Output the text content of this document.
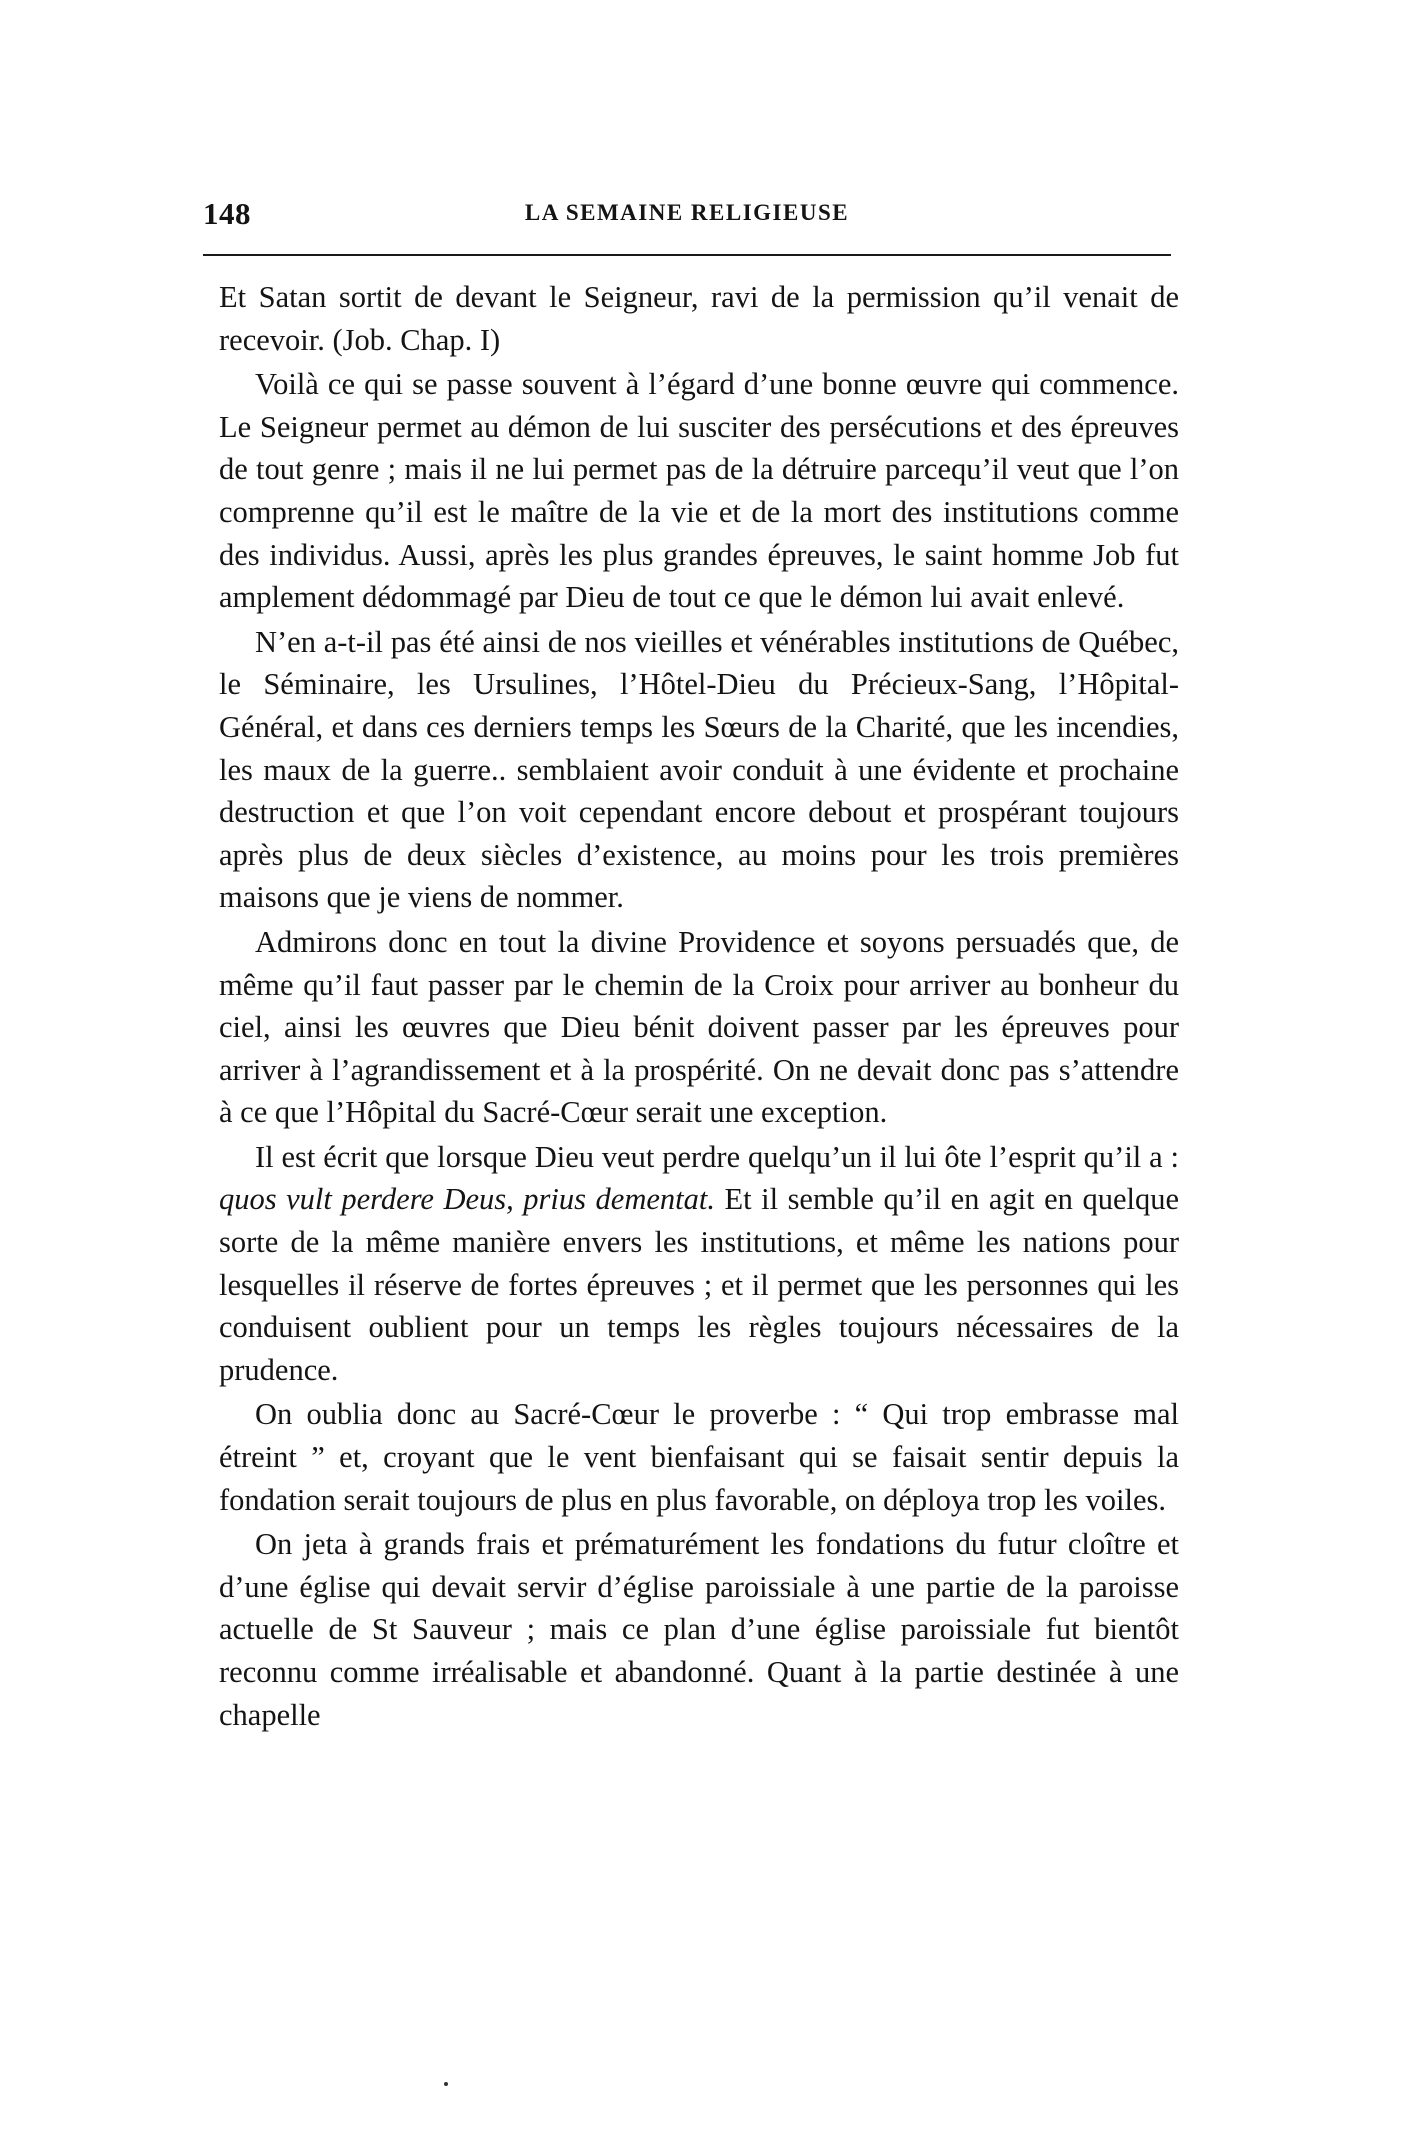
148	LA SEMAINE RELIGIEUSE

Et Satan sortit de devant le Seigneur, ravi de la permission qu’il venait de recevoir. (Job. Chap. I)

Voilà ce qui se passe souvent à l’égard d’une bonne œuvre qui commence. Le Seigneur permet au démon de lui susciter des persécutions et des épreuves de tout genre ; mais il ne lui permet pas de la détruire parcequ’il veut que l’on comprenne qu’il est le maître de la vie et de la mort des institutions comme des individus. Aussi, après les plus grandes épreuves, le saint homme Job fut amplement dédommagé par Dieu de tout ce que le démon lui avait enlevé.

N’en a-t-il pas été ainsi de nos vieilles et vénérables institutions de Québec, le Séminaire, les Ursulines, l’Hôtel-Dieu du Précieux-Sang, l’Hôpital-Général, et dans ces derniers temps les Sœurs de la Charité, que les incendies, les maux de la guerre.. semblaient avoir conduit à une évidente et prochaine destruction et que l’on voit cependant encore debout et prospérant toujours après plus de deux siècles d’existence, au moins pour les trois premières maisons que je viens de nommer.

Admirons donc en tout la divine Providence et soyons persuadés que, de même qu’il faut passer par le chemin de la Croix pour arriver au bonheur du ciel, ainsi les œuvres que Dieu bénit doivent passer par les épreuves pour arriver à l’agrandissement et à la prospérité. On ne devait donc pas s’attendre à ce que l’Hôpital du Sacré-Cœur serait une exception.

Il est écrit que lorsque Dieu veut perdre quelqu’un il lui ôte l’esprit qu’il a : quos vult perdere Deus, prius dementat. Et il semble qu’il en agit en quelque sorte de la même manière envers les institutions, et même les nations pour lesquelles il réserve de fortes épreuves ; et il permet que les personnes qui les conduisent oublient pour un temps les règles toujours nécessaires de la prudence.

On oublia donc au Sacré-Cœur le proverbe : “ Qui trop embrasse mal étreint ” et, croyant que le vent bienfaisant qui se faisait sentir depuis la fondation serait toujours de plus en plus favorable, on déploya trop les voiles.

On jeta à grands frais et prématurément les fondations du futur cloître et d’une église qui devait servir d’église paroissiale à une partie de la paroisse actuelle de St Sauveur ; mais ce plan d’une église paroissiale fut bientôt reconnu comme irréalisable et abandonné. Quant à la partie destinée à une chapelle
